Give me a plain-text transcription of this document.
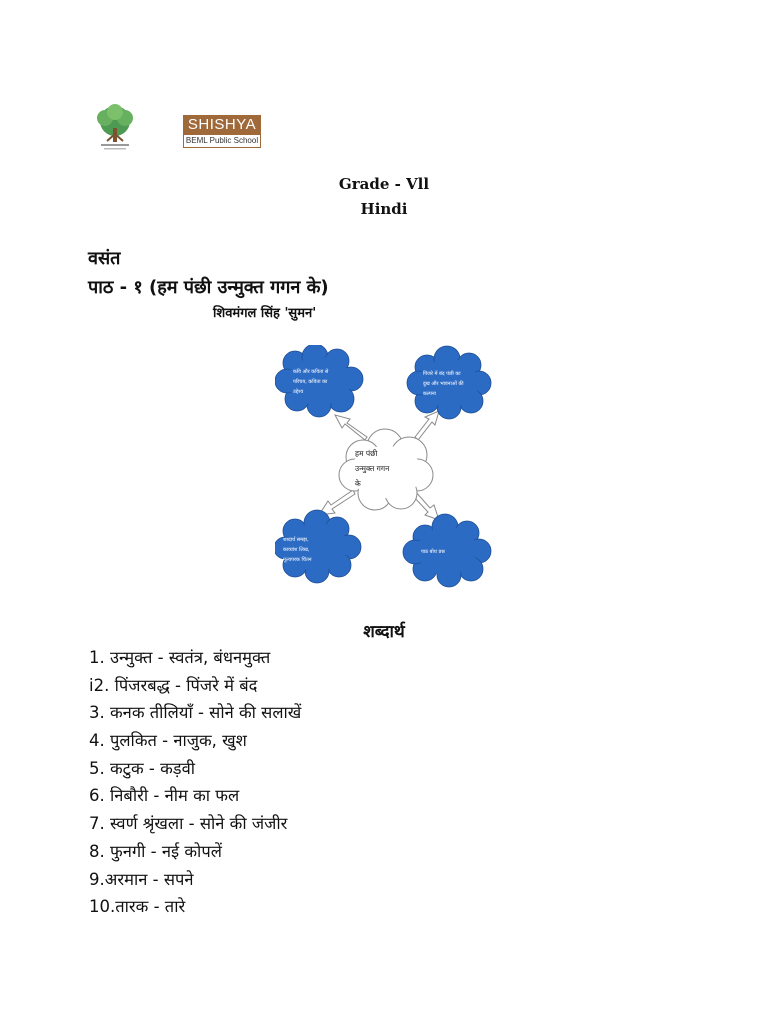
SHISHYA
BEML Public School
Grade - Vll
Hindi
वसंत
पाठ - १ (हम पंछी उन्मुक्त गगन के)
शिवमंगल सिंह 'सुमन'
हम पंछी उन्मुक्त गगन के
कवि और कविता से परिचय, कविता का उद्देश्य
पिंजरे में बंद पंछी का दुख और भावनाओं की कल्पना
शब्दार्थ समझ, काव्यांश लिख, मूल्यपरक चिंतन
पाठ बोध प्रश्न
शब्दार्थ
1. उन्मुक्त - स्वतंत्र, बंधनमुक्त
i2. पिंजरबद्ध - पिंजरे में बंद
3. कनक तीलियाँ - सोने की सलाखें
4. पुलकित - नाजुक, खुश
5. कटुक - कड़वी
6. निबौरी - नीम का फल
7. स्वर्ण श्रृंखला - सोने की जंजीर
8. फुनगी - नई कोपलें
9.अरमान - सपने
10.तारक - तारे
